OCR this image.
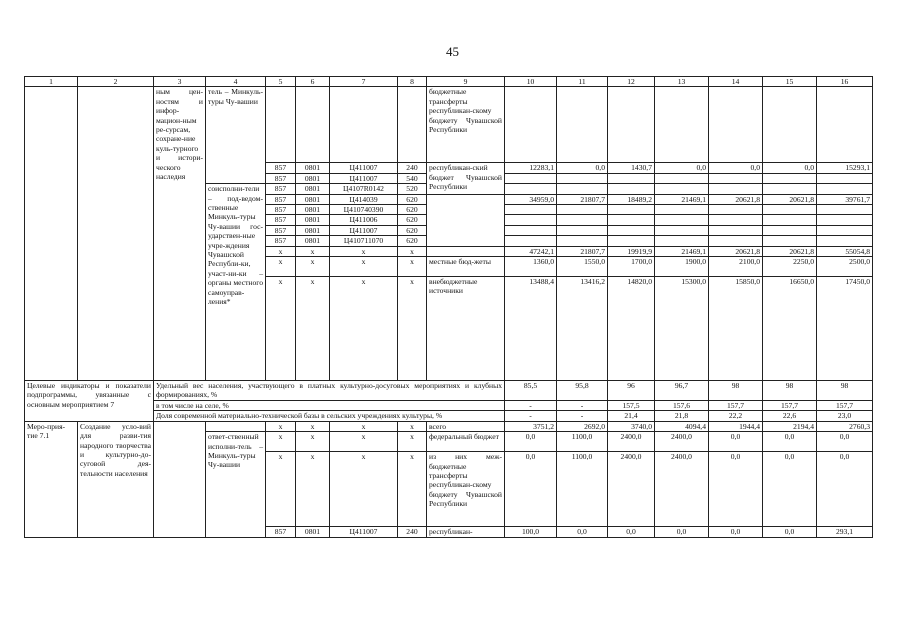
45
1	2	3	4	5	6	7	8	9	10	11	12	13	14	15	16
		ным цен-ностям и инфор-мацион-ным ре-сурсам, сохране-ние куль-турного и истори-ческого наследия	тель – Минкуль-туры Чу-вашии					бюджетные трансферты республикан-скому бюджету Чувашской Республики							
				857	0801	Ц411007	240	республикан-ский бюджет Чувашской Республики	12283,1	0,0	1430,7	0,0	0,0	0,0	15293,1
				857	0801	Ц411007	540								
			соисполни-тели – под-ведом-ственные Минкуль-туры Чу-вашии гос-ударствен-ные учре-ждения Чувашской Республи-ки, участ-ни-ки – органы местного самоуправ-ления*	857	0801	Ц4107R0142	520								
				857	0801	Ц414039	620		34959,0	21807,7	18489,2	21469,1	20621,8	20621,8	39761,7
				857	0801	Ц410740390	620								
				857	0801	Ц411006	620								
				857	0801	Ц411007	620								
				857	0801	Ц410711070	620								
				x	x	x	x		47242,1	21807,7	19919,9	21469,1	20621,8	20621,8	55054,8
				x	x	x	x	местные бюд-жеты	1360,0	1550,0	1700,0	1900,0	2100,0	2250,0	2500,0
				x	x	x	x	внебюджетные источники	13488,4	13416,2	14820,0	15300,0	15850,0	16650,0	17450,0
Целевые индикаторы и показатели подпрограммы, увязанные с основным мероприятием 7		Удельный вес населения, участвующего в платных культурно-досуговых мероприятиях и клубных формированиях, %							85,5	95,8	96	96,7	98	98	98
		в том числе на селе, %							-	-	157,5	157,6	157,7	157,7	157,7
		Доля современной материально-технической базы в сельских учреждениях культуры, %							-	-	21,4	21,8	22,2	22,6	23,0
Меро-прия-тие 7.1	Создание усло-вий для разви-тия народного творчества и культурно-до-суговой дея-тельности населения			x	x	x	x	всего	3751,2	2692,0	3740,0	4094,4	1944,4	2194,4	2760,3
			ответ-ственный исполни-тель – Минкуль-туры Чу-вашии	x	x	x	x	федеральный бюджет	0,0	1100,0	2400,0	2400,0	0,0	0,0	0,0
				x	x	x	x	из них меж-бюджетные трансферты республикан-скому бюджету Чувашской Республики	0,0	1100,0	2400,0	2400,0	0,0	0,0	0,0
				857	0801	Ц411007	240	республикан-	100,0	0,0	0,0	0,0	0,0	0,0	293,1
